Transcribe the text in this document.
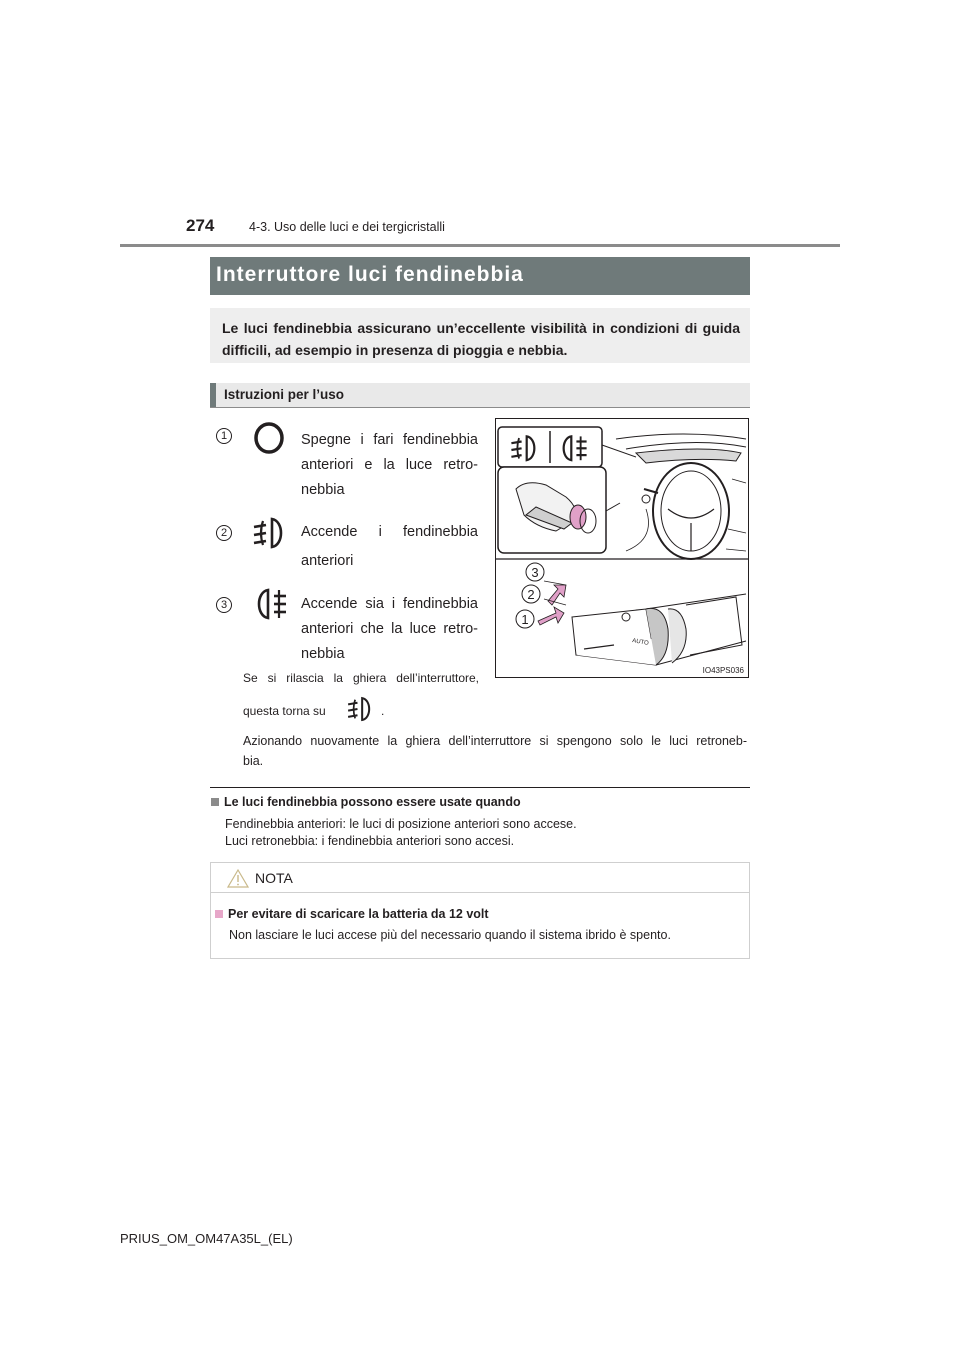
274	4-3. Uso delle luci e dei tergicristalli
Interruttore luci fendinebbia
Le luci fendinebbia assicurano un’eccellente visibilità in condizioni di guida difficili, ad esempio in presenza di pioggia e nebbia.
Istruzioni per l’uso
1	Spegne i fari fendinebbia
anteriori e la luce retro-
nebbia
2	Accende i fendinebbia
anteriori
3	Accende sia i fendinebbia
anteriori che la luce retro-
nebbia
AUTO
1
2
3
IO43PS036
Se si rilascia la ghiera dell’interruttore,
questa torna su	.
Azionando nuovamente la ghiera dell’interruttore si spengono solo le luci retroneb-
bia.
Le luci fendinebbia possono essere usate quando
Fendinebbia anteriori: le luci di posizione anteriori sono accese.
Luci retronebbia: i fendinebbia anteriori sono accesi.
NOTA
Per evitare di scaricare la batteria da 12 volt
Non lasciare le luci accese più del necessario quando il sistema ibrido è spento.
PRIUS_OM_OM47A35L_(EL)
